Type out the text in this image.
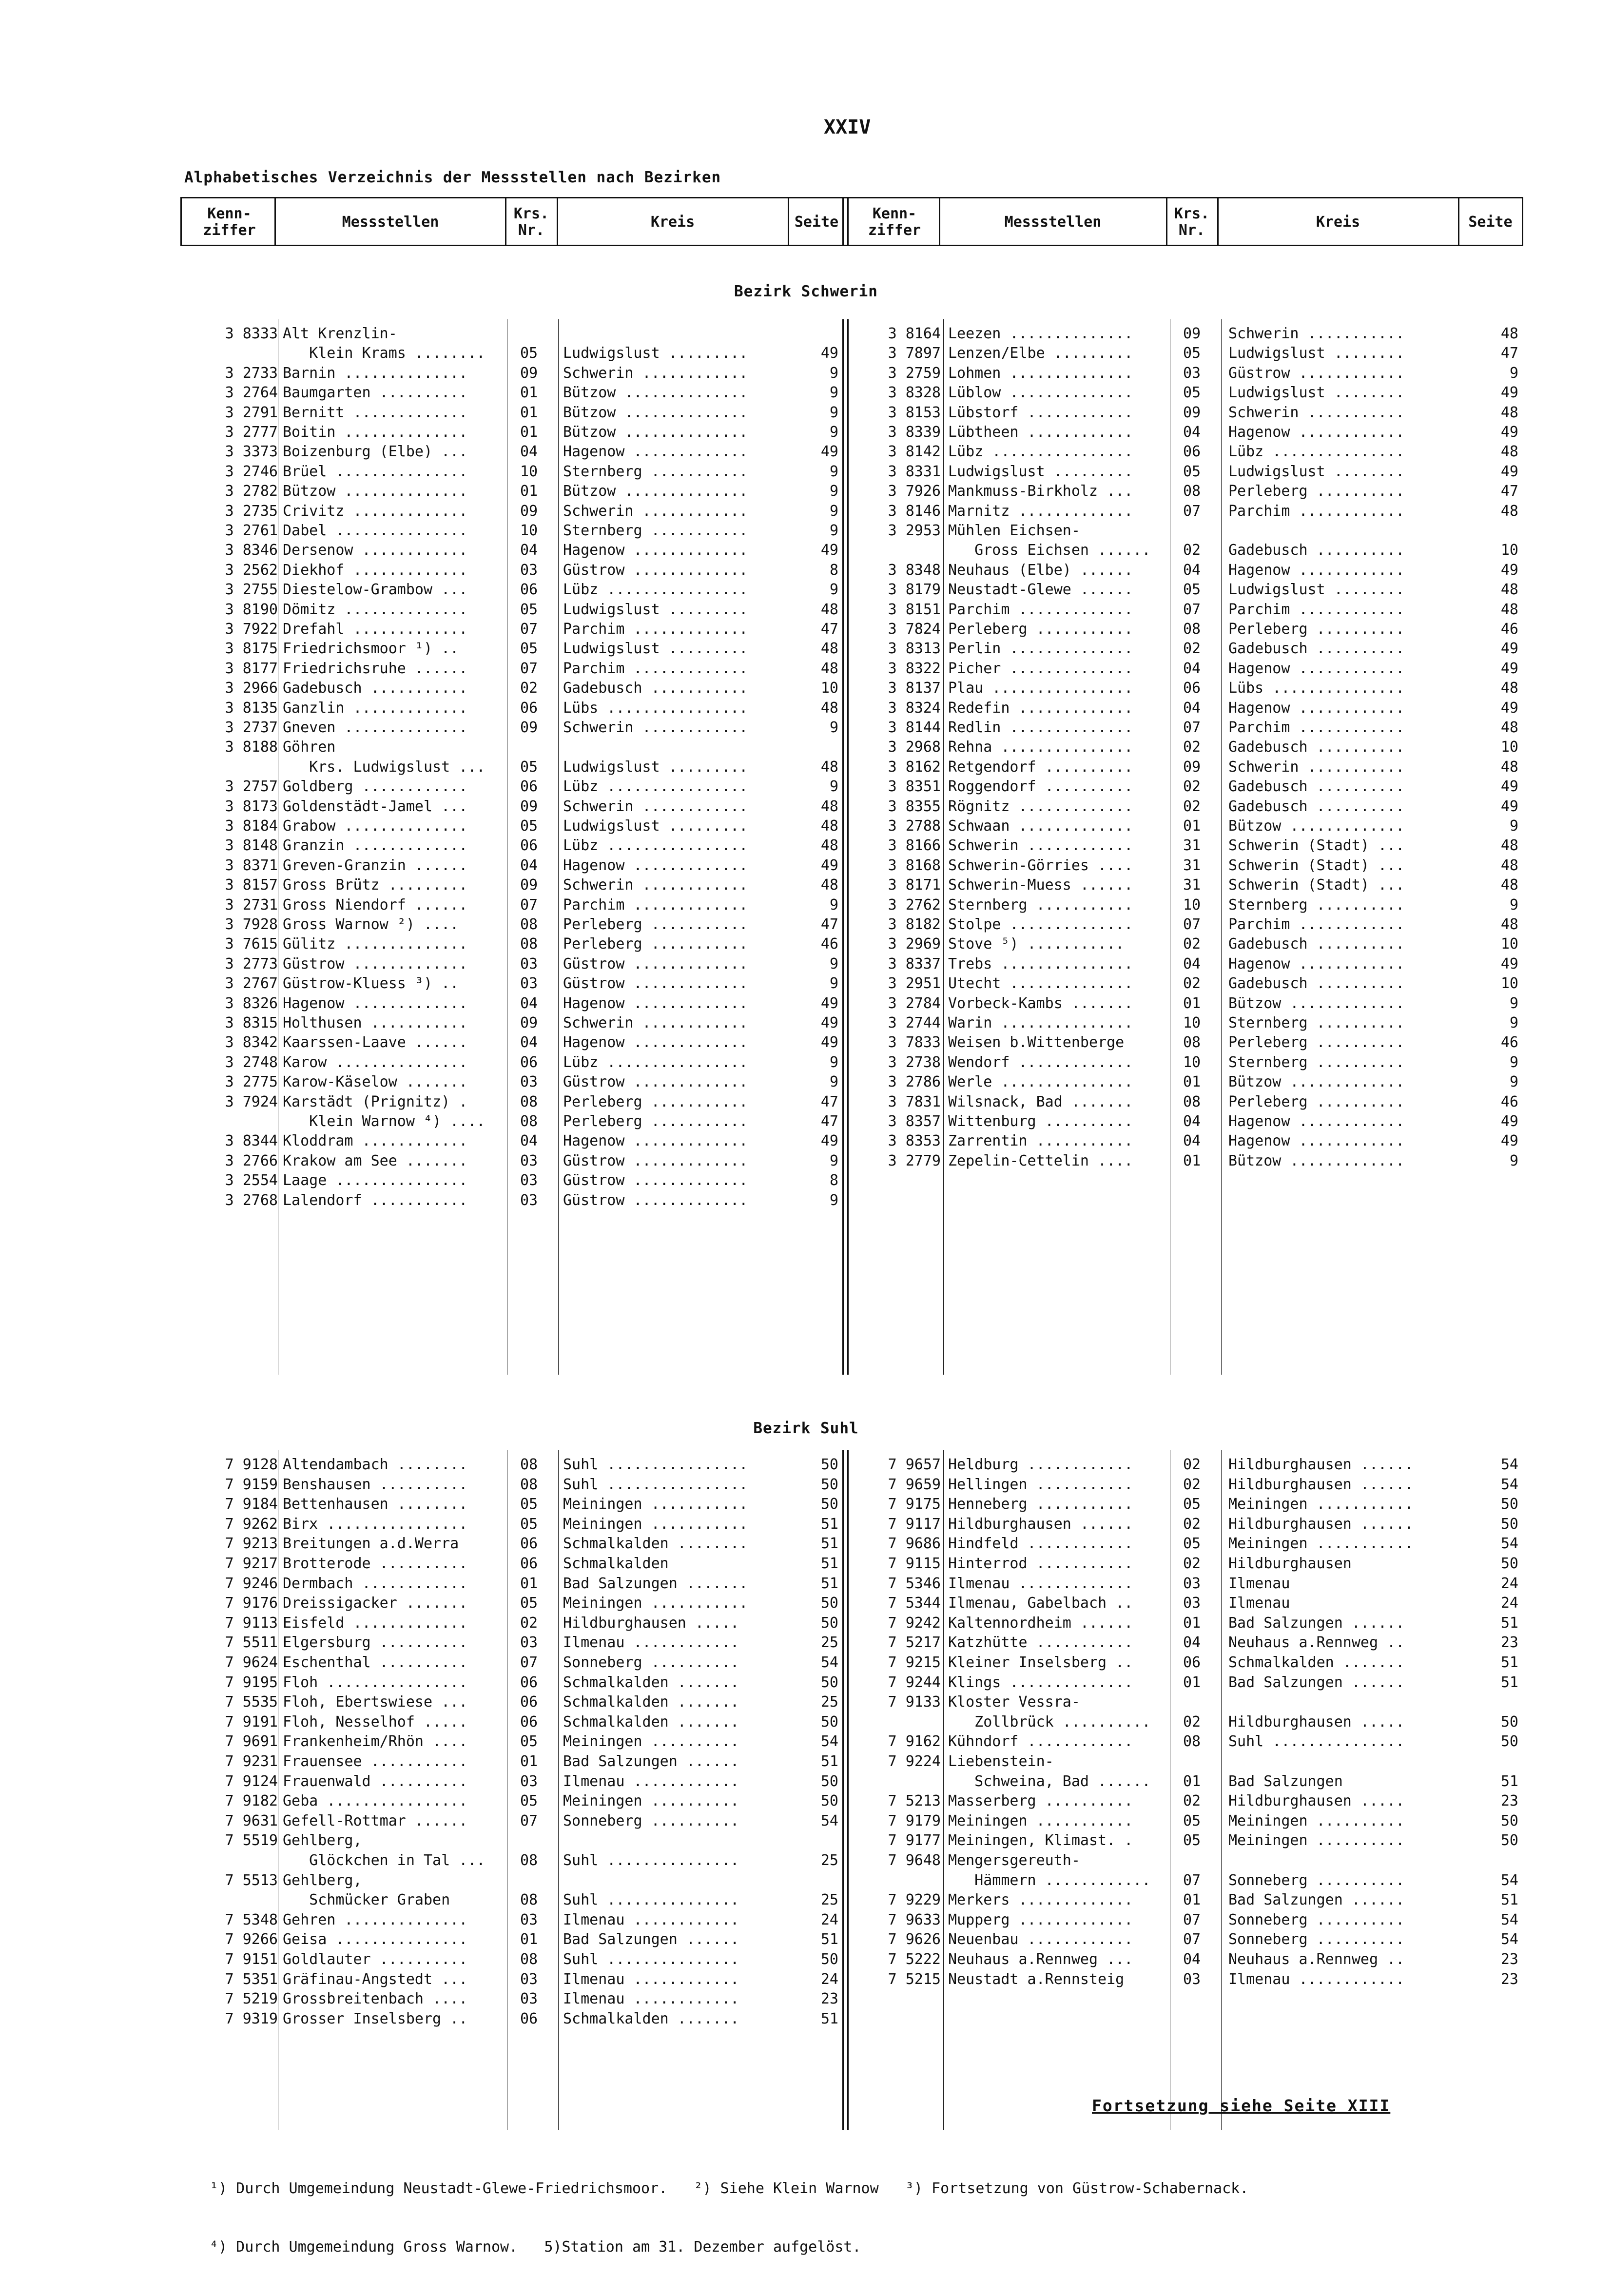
XXIV
Alphabetisches Verzeichnis der Messstellen nach Bezirken
Kenn-
ziffer	Messstellen	Krs.
Nr.	Kreis	Seite	Kenn-
ziffer	Messstellen	Krs.
Nr.	Kreis	Seite
Bezirk Schwerin
Bezirk Suhl
3 8333 Alt Krenzlin-
Klein Krams ........	05	Ludwigslust .........	49
3 2733 Barnin ..............	09	Schwerin ............	9
3 2764 Baumgarten ..........	01	Bützow ..............	9
3 2791 Bernitt .............	01	Bützow ..............	9
3 2777 Boitin ..............	01	Bützow ..............	9
3 3373 Boizenburg (Elbe) ...	04	Hagenow .............	49
3 2746 Brüel ...............	10	Sternberg ...........	9
3 2782 Bützow ..............	01	Bützow ..............	9
3 2735 Crivitz .............	09	Schwerin ............	9
3 2761 Dabel ...............	10	Sternberg ...........	9
3 8346 Dersenow ............	04	Hagenow .............	49
3 2562 Diekhof .............	03	Güstrow .............	8
3 2755 Diestelow-Grambow ...	06	Lübz ................	9
3 8190 Dömitz ..............	05	Ludwigslust .........	48
3 7922 Drefahl .............	07	Parchim .............	47
3 8175 Friedrichsmoor ¹) ..	05	Ludwigslust .........	48
3 8177 Friedrichsruhe ......	07	Parchim .............	48
3 2966 Gadebusch ...........	02	Gadebusch ...........	10
3 8135 Ganzlin .............	06	Lübs ................	48
3 2737 Gneven ..............	09	Schwerin ............	9
3 8188 Göhren
Krs. Ludwigslust ...	05	Ludwigslust .........	48
3 2757 Goldberg ............	06	Lübz ................	9
3 8173 Goldenstädt-Jamel ...	09	Schwerin ............	48
3 8184 Grabow ..............	05	Ludwigslust .........	48
3 8148 Granzin .............	06	Lübz ................	48
3 8371 Greven-Granzin ......	04	Hagenow .............	49
3 8157 Gross Brütz .........	09	Schwerin ............	48
3 2731 Gross Niendorf ......	07	Parchim .............	9
3 7928 Gross Warnow ²) ....	08	Perleberg ...........	47
3 7615 Gülitz ..............	08	Perleberg ...........	46
3 2773 Güstrow .............	03	Güstrow .............	9
3 2767 Güstrow-Kluess ³) ..	03	Güstrow .............	9
3 8326 Hagenow .............	04	Hagenow .............	49
3 8315 Holthusen ...........	09	Schwerin ............	49
3 8342 Kaarssen-Laave ......	04	Hagenow .............	49
3 2748 Karow ...............	06	Lübz ................	9
3 2775 Karow-Käselow .......	03	Güstrow .............	9
3 7924 Karstädt (Prignitz) .	08	Perleberg ...........	47
Klein Warnow ⁴) ....	08	Perleberg ...........	47
3 8344 Kloddram ............	04	Hagenow .............	49
3 2766 Krakow am See .......	03	Güstrow .............	9
3 2554 Laage ...............	03	Güstrow .............	8
3 2768 Lalendorf ...........	03	Güstrow .............	9
3 8164 Leezen ..............	09	Schwerin ...........	48
3 7897 Lenzen/Elbe .........	05	Ludwigslust ........	47
3 2759 Lohmen ..............	03	Güstrow ............	9
3 8328 Lüblow ..............	05	Ludwigslust ........	49
3 8153 Lübstorf ............	09	Schwerin ...........	48
3 8339 Lübtheen ............	04	Hagenow ............	49
3 8142 Lübz ................	06	Lübz ...............	48
3 8331 Ludwigslust .........	05	Ludwigslust ........	49
3 7926 Mankmuss-Birkholz ...	08	Perleberg ..........	47
3 8146 Marnitz .............	07	Parchim ............	48
3 2953 Mühlen Eichsen-
Gross Eichsen ......	02	Gadebusch ..........	10
3 8348 Neuhaus (Elbe) ......	04	Hagenow ............	49
3 8179 Neustadt-Glewe ......	05	Ludwigslust ........	48
3 8151 Parchim .............	07	Parchim ............	48
3 7824 Perleberg ...........	08	Perleberg ..........	46
3 8313 Perlin ..............	02	Gadebusch ..........	49
3 8322 Picher ..............	04	Hagenow ............	49
3 8137 Plau ................	06	Lübs ...............	48
3 8324 Redefin .............	04	Hagenow ............	49
3 8144 Redlin ..............	07	Parchim ............	48
3 2968 Rehna ...............	02	Gadebusch ..........	10
3 8162 Retgendorf ..........	09	Schwerin ...........	48
3 8351 Roggendorf ..........	02	Gadebusch ..........	49
3 8355 Rögnitz .............	02	Gadebusch ..........	49
3 2788 Schwaan .............	01	Bützow .............	9
3 8166 Schwerin ............	31	Schwerin (Stadt) ...	48
3 8168 Schwerin-Görries ....	31	Schwerin (Stadt) ...	48
3 8171 Schwerin-Muess ......	31	Schwerin (Stadt) ...	48
3 2762 Sternberg ...........	10	Sternberg ..........	9
3 8182 Stolpe ..............	07	Parchim ............	48
3 2969 Stove ⁵) ...........	02	Gadebusch ..........	10
3 8337 Trebs ...............	04	Hagenow ............	49
3 2951 Utecht ..............	02	Gadebusch ..........	10
3 2784 Vorbeck-Kambs .......	01	Bützow .............	9
3 2744 Warin ...............	10	Sternberg ..........	9
3 7833 Weisen b.Wittenberge	08	Perleberg ..........	46
3 2738 Wendorf .............	10	Sternberg ..........	9
3 2786 Werle ...............	01	Bützow .............	9
3 7831 Wilsnack, Bad .......	08	Perleberg ..........	46
3 8357 Wittenburg ..........	04	Hagenow ............	49
3 8353 Zarrentin ...........	04	Hagenow ............	49
3 2779 Zepelin-Cettelin ....	01	Bützow .............	9
7 9128 Altendambach ........	08	Suhl ................	50
7 9159 Benshausen ..........	08	Suhl ................	50
7 9184 Bettenhausen ........	05	Meiningen ...........	50
7 9262 Birx ................	05	Meiningen ...........	51
7 9213 Breitungen a.d.Werra	06	Schmalkalden ........	51
7 9217 Brotterode ..........	06	Schmalkalden	51
7 9246 Dermbach ............	01	Bad Salzungen .......	51
7 9176 Dreissigacker .......	05	Meiningen ...........	50
7 9113 Eisfeld .............	02	Hildburghausen .....	50
7 5511 Elgersburg ..........	03	Ilmenau ............	25
7 9624 Eschenthal ..........	07	Sonneberg ..........	54
7 9195 Floh ................	06	Schmalkalden .......	50
7 5535 Floh, Ebertswiese ...	06	Schmalkalden .......	25
7 9191 Floh, Nesselhof .....	06	Schmalkalden .......	50
7 9691 Frankenheim/Rhön ....	05	Meiningen ..........	54
7 9231 Frauensee ...........	01	Bad Salzungen ......	51
7 9124 Frauenwald ..........	03	Ilmenau ............	50
7 9182 Geba ................	05	Meiningen ..........	50
7 9631 Gefell-Rottmar ......	07	Sonneberg ..........	54
7 5519 Gehlberg,
Glöckchen in Tal ...	08	Suhl ...............	25
7 5513 Gehlberg,
Schmücker Graben	08	Suhl ...............	25
7 5348 Gehren ..............	03	Ilmenau ............	24
7 9266 Geisa ...............	01	Bad Salzungen ......	51
7 9151 Goldlauter ..........	08	Suhl ...............	50
7 5351 Gräfinau-Angstedt ...	03	Ilmenau ............	24
7 5219 Grossbreitenbach ....	03	Ilmenau ............	23
7 9319 Grosser Inselsberg ..	06	Schmalkalden .......	51
7 9657 Heldburg ............	02	Hildburghausen ......	54
7 9659 Hellingen ...........	02	Hildburghausen ......	54
7 9175 Henneberg ...........	05	Meiningen ...........	50
7 9117 Hildburghausen ......	02	Hildburghausen ......	50
7 9686 Hindfeld ............	05	Meiningen ...........	54
7 9115 Hinterrod ...........	02	Hildburghausen	50
7 5346 Ilmenau .............	03	Ilmenau	24
7 5344 Ilmenau, Gabelbach ..	03	Ilmenau	24
7 9242 Kaltennordheim ......	01	Bad Salzungen ......	51
7 5217 Katzhütte ...........	04	Neuhaus a.Rennweg ..	23
7 9215 Kleiner Inselsberg ..	06	Schmalkalden .......	51
7 9244 Klings ..............	01	Bad Salzungen ......	51
7 9133 Kloster Vessra-
Zollbrück ..........	02	Hildburghausen .....	50
7 9162 Kühndorf ............	08	Suhl ...............	50
7 9224 Liebenstein-
Schweina, Bad ......	01	Bad Salzungen	51
7 5213 Masserberg ..........	02	Hildburghausen .....	23
7 9179 Meiningen ...........	05	Meiningen ..........	50
7 9177 Meiningen, Klimast. .	05	Meiningen ..........	50
7 9648 Mengersgereuth-
Hämmern ............	07	Sonneberg ..........	54
7 9229 Merkers .............	01	Bad Salzungen ......	51
7 9633 Mupperg .............	07	Sonneberg ..........	54
7 9626 Neuenbau ............	07	Sonneberg ..........	54
7 5222 Neuhaus a.Rennweg ...	04	Neuhaus a.Rennweg ..	23
7 5215 Neustadt a.Rennsteig	03	Ilmenau ............	23
Fortsetzung siehe Seite XIII

¹) Durch Umgemeindung Neustadt-Glewe-Friedrichsmoor.   ²) Siehe Klein Warnow   ³) Fortsetzung von Güstrow-Schabernack.

⁴) Durch Umgemeindung Gross Warnow.   5)Station am 31. Dezember aufgelöst.
